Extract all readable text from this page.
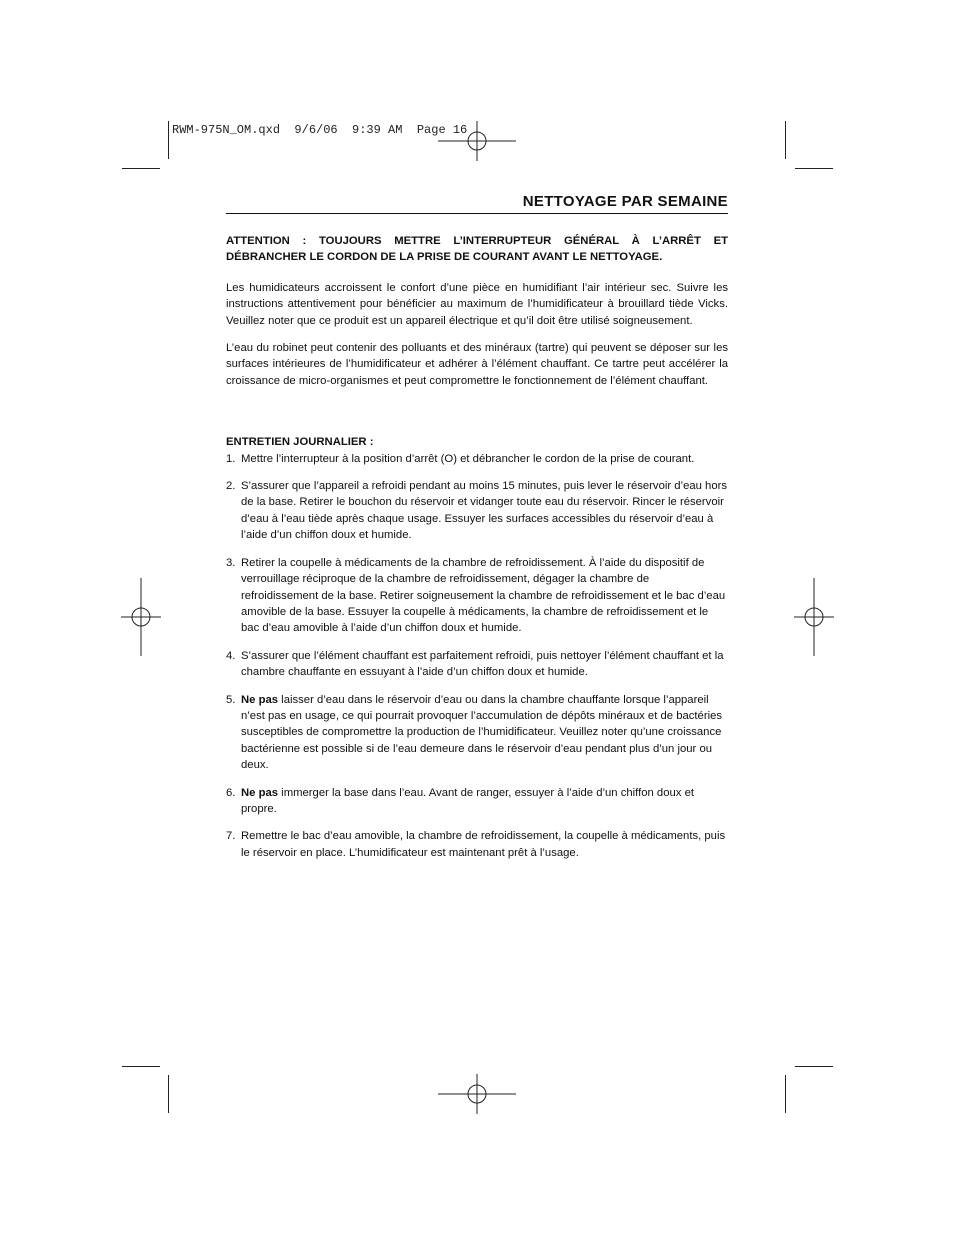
RWM-975N_OM.qxd  9/6/06  9:39 AM  Page 16
NETTOYAGE PAR SEMAINE

ATTENTION : TOUJOURS METTRE L’INTERRUPTEUR GÉNÉRAL À L’ARRÊT ET DÉBRANCHER LE CORDON DE LA PRISE DE COURANT AVANT LE NETTOYAGE.

Les humidicateurs accroissent le confort d’une pièce en humidifiant l’air intérieur sec. Suivre les instructions attentivement pour bénéficier au maximum de l’humidificateur à brouillard tiède Vicks. Veuillez noter que ce produit est un appareil électrique et qu’il doit être utilisé soigneusement.

L’eau du robinet peut contenir des polluants et des minéraux (tartre) qui peuvent se déposer sur les surfaces intérieures de l’humidificateur et adhérer à l’élément chauffant. Ce tartre peut accélérer la croissance de micro-organismes et peut compromettre le fonctionnement de l’élément chauffant.

ENTRETIEN JOURNALIER :

1. Mettre l’interrupteur à la position d’arrêt (O) et débrancher le cordon de la prise de courant.
2. S’assurer que l’appareil a refroidi pendant au moins 15 minutes, puis lever le réservoir d’eau hors de la base. Retirer le bouchon du réservoir et vidanger toute eau du réservoir. Rincer le réservoir d’eau à l’eau tiède après chaque usage. Essuyer les surfaces accessibles du réservoir d’eau à l’aide d’un chiffon doux et humide.
3. Retirer la coupelle à médicaments de la chambre de refroidissement. À l’aide du dispositif de verrouillage réciproque de la chambre de refroidissement, dégager la chambre de refroidissement de la base. Retirer soigneusement la chambre de refroidissement et le bac d’eau amovible de la base. Essuyer la coupelle à médicaments, la chambre de refroidissement et le bac d’eau amovible à l’aide d’un chiffon doux et humide.
4. S’assurer que l’élément chauffant est parfaitement refroidi, puis nettoyer l’élément chauffant et la chambre chauffante en essuyant à l’aide d’un chiffon doux et humide.
5. Ne pas laisser d’eau dans le réservoir d’eau ou dans la chambre chauffante lorsque l’appareil n’est pas en usage, ce qui pourrait provoquer l’accumulation de dépôts minéraux et de bactéries susceptibles de compromettre la production de l’humidificateur. Veuillez noter qu’une croissance bactérienne est possible si de l’eau demeure dans le réservoir d’eau pendant plus d’un jour ou deux.
6. Ne pas immerger la base dans l’eau. Avant de ranger, essuyer à l’aide d’un chiffon doux et propre.
7. Remettre le bac d’eau amovible, la chambre de refroidissement, la coupelle à médicaments, puis le réservoir en place. L’humidificateur est maintenant prêt à l’usage.
